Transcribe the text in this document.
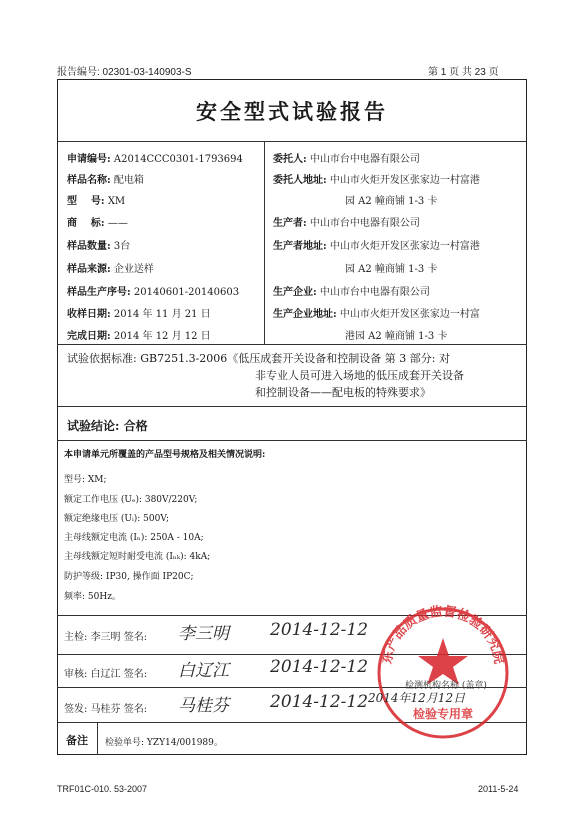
报告编号: 02301-03-140903-S	第 1 页 共 23 页
安全型式试验报告
申请编号: A2014CCC0301-1793694
样品名称: 配电箱
型    号: XM
商    标: ——
样品数量: 3台
样品来源: 企业送样
样品生产序号: 20140601-20140603
收样日期: 2014 年 11 月 21 日
完成日期: 2014 年 12 月 12 日
委托人: 中山市台中电器有限公司
委托人地址: 中山市火炬开发区张家边一村富港
园 A2 幢商铺 1-3 卡
生产者: 中山市台中电器有限公司
生产者地址: 中山市火炬开发区张家边一村富港
园 A2 幢商铺 1-3 卡
生产企业: 中山市台中电器有限公司
生产企业地址: 中山市火炬开发区张家边一村富
港园 A2 幢商铺 1-3 卡
试验依据标准: GB7251.3-2006《低压成套开关设备和控制设备 第 3 部分: 对
非专业人员可进入场地的低压成套开关设备
和控制设备——配电板的特殊要求》
试验结论: 合格
本申请单元所覆盖的产品型号规格及相关情况说明:
型号: XM;
额定工作电压 (Uₑ): 380V/220V;
额定绝缘电压 (Uᵢ): 500V;
主母线额定电流 (Iₙ): 250A - 10A;
主母线额定短时耐受电流 (Iₙₖ): 4kA;
防护等级: IP30, 操作面 IP20C;
频率: 50Hz。
主检: 李三明 签名: 李三明 2014-12-12
审核: 白辽江 签名: 白辽江 2014-12-12
签发: 马桂芬 签名: 马桂芬 2014-12-12
东产品质量监督检验研究院
检验专用章
检测机构名称 (盖章)
2014年12月12日
备注 检验单号: YZY14/001989。
TRF01C-010. 53-2007	2011-5-24
